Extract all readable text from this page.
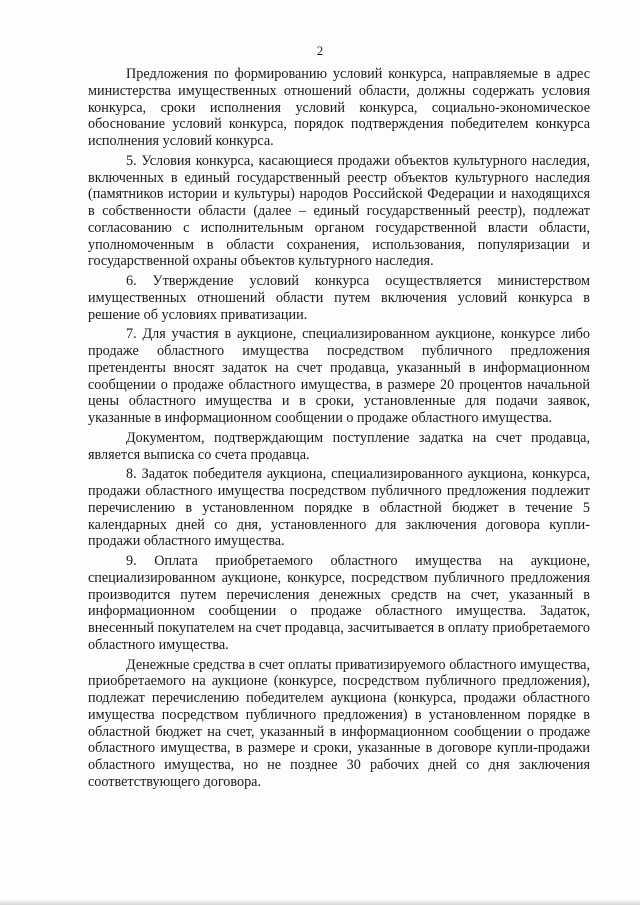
2

Предложения по формированию условий конкурса, направляемые в адрес министерства имущественных отношений области, должны содержать условия конкурса, сроки исполнения условий конкурса, социально-экономическое обоснование условий конкурса, порядок подтверждения победителем конкурса исполнения условий конкурса.

5. Условия конкурса, касающиеся продажи объектов культурного наследия, включенных в единый государственный реестр объектов культурного наследия (памятников истории и культуры) народов Российской Федерации и находящихся в собственности области (далее – единый государственный реестр), подлежат согласованию с исполнительным органом государственной власти области, уполномоченным в области сохранения, использования, популяризации и государственной охраны объектов культурного наследия.

6. Утверждение условий конкурса осуществляется министерством имущественных отношений области путем включения условий конкурса в решение об условиях приватизации.

7. Для участия в аукционе, специализированном аукционе, конкурсе либо продаже областного имущества посредством публичного предложения претенденты вносят задаток на счет продавца, указанный в информационном сообщении о продаже областного имущества, в размере 20 процентов начальной цены областного имущества и в сроки, установленные для подачи заявок, указанные в информационном сообщении о продаже областного имущества.

Документом, подтверждающим поступление задатка на счет продавца, является выписка со счета продавца.

8. Задаток победителя аукциона, специализированного аукциона, конкурса, продажи областного имущества посредством публичного предложения подлежит перечислению в установленном порядке в областной бюджет в течение 5 календарных дней со дня, установленного для заключения договора купли-продажи областного имущества.

9. Оплата приобретаемого областного имущества на аукционе, специализированном аукционе, конкурсе, посредством публичного предложения производится путем перечисления денежных средств на счет, указанный в информационном сообщении о продаже областного имущества. Задаток, внесенный покупателем на счет продавца, засчитывается в оплату приобретаемого областного имущества.

Денежные средства в счет оплаты приватизируемого областного имущества, приобретаемого на аукционе (конкурсе, посредством публичного предложения), подлежат перечислению победителем аукциона (конкурса, продажи областного имущества посредством публичного предложения) в установленном порядке в областной бюджет на счет, указанный в информационном сообщении о продаже областного имущества, в размере и сроки, указанные в договоре купли-продажи областного имущества, но не позднее 30 рабочих дней со дня заключения соответствующего договора.
